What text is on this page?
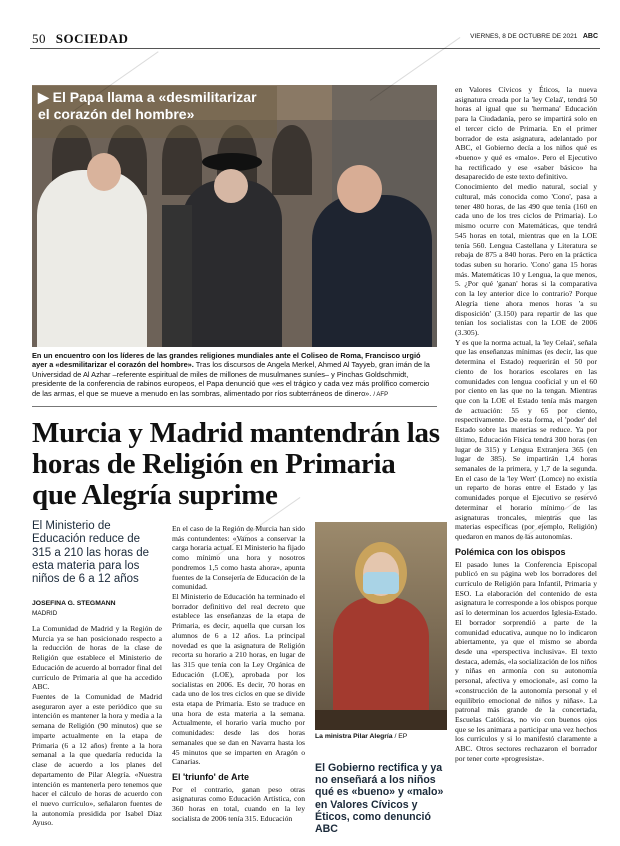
50 SOCIEDAD	VIERNES, 8 DE OCTUBRE DE 2021 ABC
▶ El Papa llama a «desmilitarizar el corazón del hombre»
En un encuentro con los líderes de las grandes religiones mundiales ante el Coliseo de Roma, Francisco urgió ayer a «desmilitarizar el corazón del hombre». Tras los discursos de Angela Merkel, Ahmed Al Tayyeb, gran imán de la Universidad de Al Azhar –referente espiritual de miles de millones de musulmanes suníes– y Pinchas Goldschmidt, presidente de la conferencia de rabinos europeos, el Papa denunció que «es el trágico y cada vez más prolífico comercio de las armas, el que se mueve a menudo en las sombras, alimentado por ríos subterráneos de dinero». / AFP
Murcia y Madrid mantendrán las horas de Religión en Primaria que Alegría suprime
El Ministerio de Educación reduce de 315 a 210 las horas de esta materia para los niños de 6 a 12 años
JOSEFINA G. STEGMANN
MADRID
La Comunidad de Madrid y la Región de Murcia ya se han posicionado respecto a la reducción de horas de la clase de Religión que establece el Ministerio de Educación de acuerdo al borrador final del currículo de Primaria al que ha accedido ABC.
Fuentes de la Comunidad de Madrid aseguraron ayer a este periódico que su intención es mantener la hora y media a la semana de Religión (90 minutos) que se imparte actualmente en la etapa de Primaria (6 a 12 años) frente a la hora semanal a la que quedaría reducida la clase de acuerdo a los planes del departamento de Pilar Alegría. «Nuestra intención es mantenerla pero tenemos que hacer el cálculo de horas de acuerdo con el nuevo currículo», señalaron fuentes de la autonomía presidida por Isabel Díaz Ayuso.

En el caso de la Región de Murcia han sido más contundentes: «Vamos a conservar la carga horaria actual. El Ministerio ha fijado como mínimo una hora y nosotros pondremos 1,5 como hasta ahora», apunta fuentes de la Consejería de Educación de la comunidad.
El Ministerio de Educación ha terminado el borrador definitivo del real decreto que establece las enseñanzas de la etapa de Primaria, es decir, aquella que cursan los alumnos de 6 a 12 años. La principal novedad es que la asignatura de Religión recorta su horario a 210 horas, en lugar de las 315 que tenía con la Ley Orgánica de Educación (LOE), aprobada por los socialistas en 2006. Es decir, 70 horas en cada uno de los tres ciclos en que se divide esta etapa de Primaria. Esto se traduce en una hora de esta materia a la semana. Actualmente, el horario varía mucho por comunidades: desde las dos horas semanales que se dan en Navarra hasta los 45 minutos que se imparten en Aragón o Canarias.

El 'triunfo' de Arte

Por el contrario, ganan peso otras asignaturas como Educación Artística, con 360 horas en total, cuando en la ley socialista de 2006 tenía 315. Educación

La ministra Pilar Alegría / EP
El Gobierno rectifica y ya no enseñará a los niños qué es «bueno» y «malo» en Valores Cívicos y Éticos, como denunció ABC

en Valores Cívicos y Éticos, la nueva asignatura creada por la 'ley Celaá', tendrá 50 horas al igual que su 'hermana' Educación para la Ciudadanía, pero se impartirá solo en el tercer ciclo de Primaria. En el primer borrador de esta asignatura, adelantado por ABC, el Gobierno decía a los niños qué es «bueno» y qué es «malo». Pero el Ejecutivo ha rectificado y ese «saber básico» ha desaparecido de este texto definitivo.
Conocimiento del medio natural, social y cultural, más conocida como 'Cono', pasa a tener 480 horas, de las 490 que tenía (160 en cada uno de los tres ciclos de Primaria). Lo mismo ocurre con Matemáticas, que tendrá 545 horas en total, mientras que en la LOE tenía 560. Lengua Castellana y Literatura se rebaja de 875 a 840 horas. Pero en la práctica todas suben su horario. 'Cono' gana 15 horas más. Matemáticas 10 y Lengua, la que menos, 5. ¿Por qué 'ganan' horas si la comparativa con la ley anterior dice lo contrario? Porque Alegría tiene ahora menos horas 'a su disposición' (3.150) para repartir de las que tenían los socialistas con la LOE de 2006 (3.305).
Y es que la norma actual, la 'ley Celaá', señala que las enseñanzas mínimas (es decir, las que determina el Estado) requerirán el 50 por ciento de los horarios escolares en las comunidades con lengua cooficial y un el 60 por ciento en las que no la tengan. Mientras que con la LOE el Estado tenía más margen de actuación: 55 y 65 por ciento, respectivamente. De esta forma, el 'poder' del Estado sobre las materias se reduce. Ya por último, Educación Física tendrá 300 horas (en lugar de 315) y Lengua Extranjera 365 (en lugar de 385). Se impartirán 1,4 horas semanales de la primera, y 1,7 de la segunda. En el caso de la 'ley Wert' (Lomce) no existía un reparto de horas entre el Estado y las comunidades porque el Ejecutivo se reservó determinar el horario mínimo de las asignaturas troncales, mientras que las materias específicas (por ejemplo, Religión) quedaron en manos de las autonomías.

Polémica con los obispos

El pasado lunes la Conferencia Episcopal publicó en su página web los borradores del currículo de Religión para Infantil, Primaria y ESO. La elaboración del contenido de esta asignatura le corresponde a los obispos porque así lo determinan los acuerdos Iglesia-Estado. El borrador sorprendió a parte de la comunidad educativa, aunque no lo indicaron abiertamente, ya que el mismo se aborda desde una «perspectiva inclusiva». El texto destaca, además, «la socialización de los niños y niñas en armonía con su autonomía personal, afectiva y emocional», así como la «construcción de la autonomía personal y el equilibrio emocional de niños y niñas». La patronal más grande de la concertada, Escuelas Católicas, no vio con buenos ojos que se les animara a participar una vez hechos los currículos y si lo manifestó claramente a ABC. Otros sectores rechazaron el borrador por tener corte «progresista».
